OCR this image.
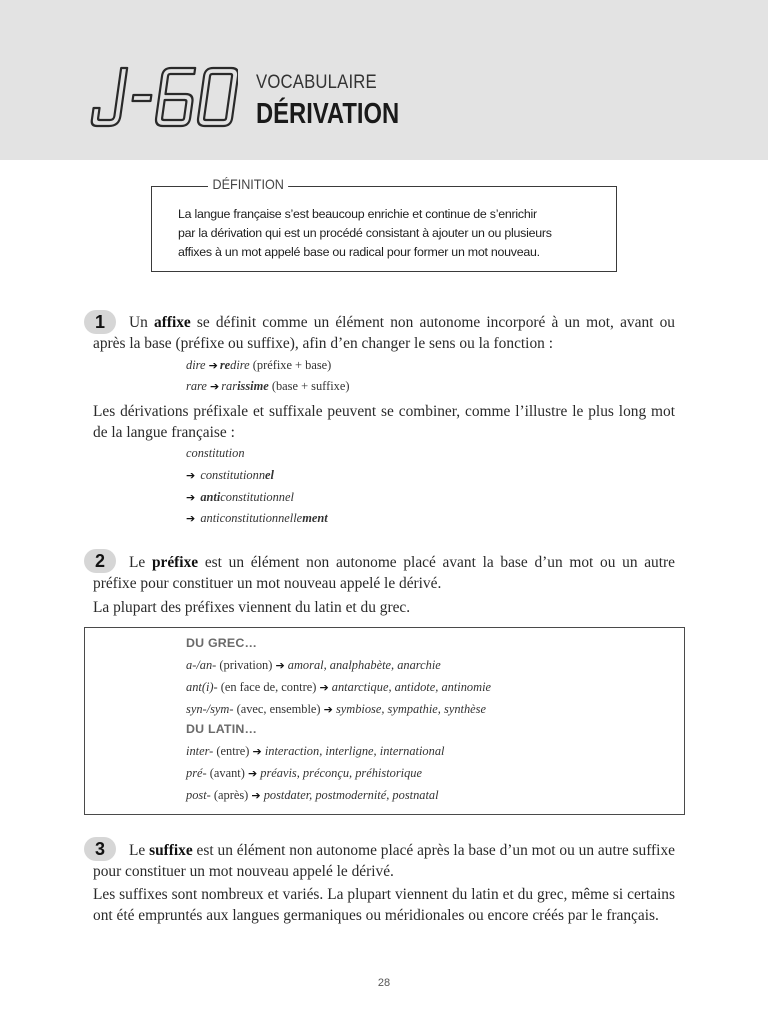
VOCABULAIRE
DÉRIVATION
DÉFINITION
La langue française s’est beaucoup enrichie et continue de s’enrichir
par la dérivation qui est un procédé consistant à ajouter un ou plusieurs
affixes à un mot appelé base ou radical pour former un mot nouveau.
1	Un affixe se définit comme un élément non autonome incorporé à un mot, avant ou après la base (préfixe ou suffixe), afin d’en changer le sens ou la fonction :
dire ➔ redire (préfixe + base)
rare ➔ rarissime (base + suffixe)
Les dérivations préfixale et suffixale peuvent se combiner, comme l’illustre le plus long mot de la langue française :
constitution
➔ constitutionnel
➔ anticonstitutionnel
➔ anticonstitutionnellement
2	Le préfixe est un élément non autonome placé avant la base d’un mot ou un autre préfixe pour constituer un mot nouveau appelé le dérivé.
La plupart des préfixes viennent du latin et du grec.
DU GREC…
a-/an- (privation) ➔ amoral, analphabète, anarchie
ant(i)- (en face de, contre) ➔ antarctique, antidote, antinomie
syn-/sym- (avec, ensemble) ➔ symbiose, sympathie, synthèse
DU LATIN…
inter- (entre) ➔ interaction, interligne, international
pré- (avant) ➔ préavis, préconçu, préhistorique
post- (après) ➔ postdater, postmodernité, postnatal
3	Le suffixe est un élément non autonome placé après la base d’un mot ou un autre suffixe pour constituer un mot nouveau appelé le dérivé.
Les suffixes sont nombreux et variés. La plupart viennent du latin et du grec, même si certains ont été empruntés aux langues germaniques ou méridionales ou encore créés par le français.
28
